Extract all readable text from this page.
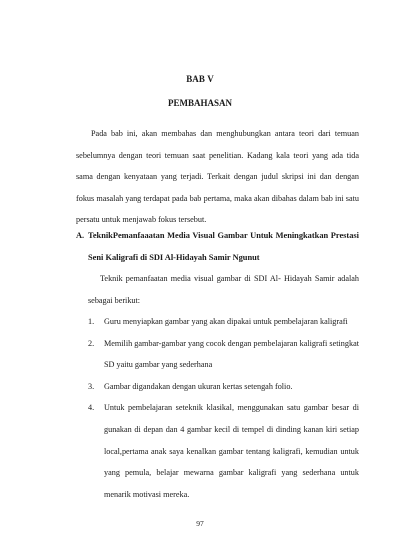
BAB V
PEMBAHASAN

Pada bab ini, akan membahas dan menghubungkan antara teori dari temuan sebelumnya dengan teori temuan saat penelitian. Kadang kala teori yang ada tida sama dengan kenyataan yang terjadi. Terkait dengan judul skripsi ini dan dengan fokus masalah yang terdapat pada bab pertama, maka akan dibahas dalam bab ini satu persatu untuk menjawab fokus tersebut.

A. TeknikPemanfaaatan Media Visual Gambar Untuk Meningkatkan Prestasi Seni Kaligrafi di SDI Al-Hidayah Samir Ngunut

Teknik pemanfaatan media visual gambar di SDI Al- Hidayah Samir adalah sebagai berikut:

1. Guru menyiapkan gambar yang akan dipakai untuk pembelajaran kaligrafi
2. Memilih gambar-gambar yang cocok dengan pembelajaran kaligrafi setingkat SD yaitu gambar yang sederhana
3. Gambar digandakan dengan ukuran kertas setengah folio.
4. Untuk pembelajaran seteknik klasikal, menggunakan satu gambar besar di gunakan di depan dan 4 gambar kecil di tempel di dinding kanan kiri setiap local,pertama anak saya kenalkan gambar tentang kaligrafi, kemudian untuk yang pemula, belajar mewarna gambar kaligrafi yang sederhana untuk menarik motivasi mereka.
97
